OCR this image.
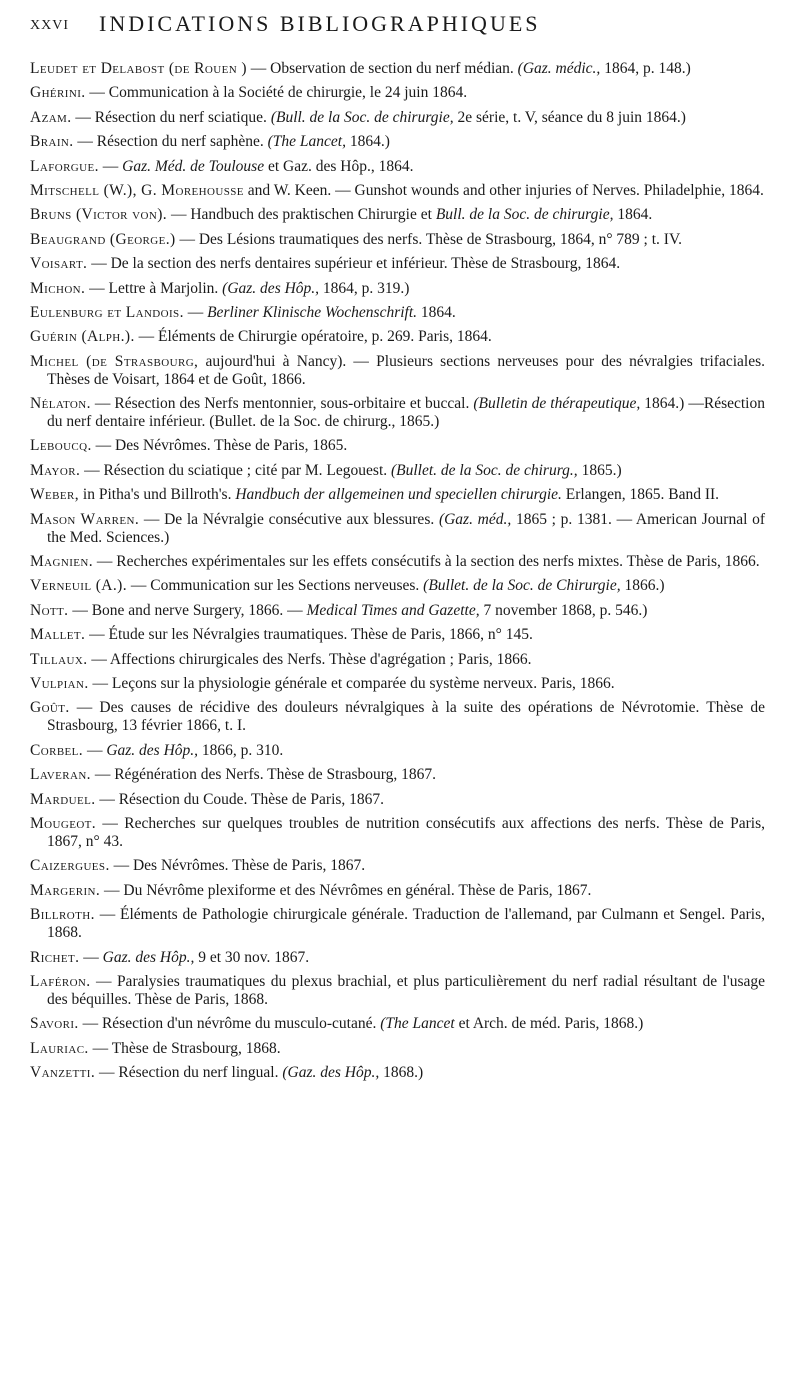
XXVI INDICATIONS BIBLIOGRAPHIQUES

Leudet et Delabost (de Rouen ) — Observation de section du nerf médian. (Gaz. médic., 1864, p. 148.)

Ghérini. — Communication à la Société de chirurgie, le 24 juin 1864.

Azam. — Résection du nerf sciatique. (Bull. de la Soc. de chirurgie, 2e série, t. V, séance du 8 juin 1864.)

Brain. — Résection du nerf saphène. (The Lancet, 1864.)

Laforgue. — Gaz. Méd. de Toulouse et Gaz. des Hôp., 1864.

Mitschell (W.), G. Morehousse and W. Keen. — Gunshot wounds and other injuries of Nerves. Philadelphie, 1864.

Bruns (Victor von). — Handbuch des praktischen Chirurgie et Bull. de la Soc. de chirurgie, 1864.

Beaugrand (George.) — Des Lésions traumatiques des nerfs. Thèse de Strasbourg, 1864, n° 789 ; t. IV.

Voisart. — De la section des nerfs dentaires supérieur et inférieur. Thèse de Strasbourg, 1864.

Michon. — Lettre à Marjolin. (Gaz. des Hôp., 1864, p. 319.)

Eulenburg et Landois. — Berliner Klinische Wochenschrift. 1864.

Guérin (Alph.). — Éléments de Chirurgie opératoire, p. 269. Paris, 1864.

Michel (de Strasbourg, aujourd'hui à Nancy). — Plusieurs sections nerveuses pour des névralgies trifaciales. Thèses de Voisart, 1864 et de Goût, 1866.

Nélaton. — Résection des Nerfs mentonnier, sous-orbitaire et buccal. (Bulletin de thérapeutique, 1864.) —Résection du nerf dentaire inférieur. (Bullet. de la Soc. de chirurg., 1865.)

Leboucq. — Des Névrômes. Thèse de Paris, 1865.

Mayor. — Résection du sciatique ; cité par M. Legouest. (Bullet. de la Soc. de chirurg., 1865.)

Weber, in Pitha's und Billroth's. Handbuch der allgemeinen und speciellen chirurgie. Erlangen, 1865. Band II.

Mason Warren. — De la Névralgie consécutive aux blessures. (Gaz. méd., 1865 ; p. 1381. — American Journal of the Med. Sciences.)

Magnien. — Recherches expérimentales sur les effets consécutifs à la section des nerfs mixtes. Thèse de Paris, 1866.

Verneuil (A.). — Communication sur les Sections nerveuses. (Bullet. de la Soc. de Chirurgie, 1866.)

Nott. — Bone and nerve Surgery, 1866. — Medical Times and Gazette, 7 november 1868, p. 546.)

Mallet. — Étude sur les Névralgies traumatiques. Thèse de Paris, 1866, n° 145.

Tillaux. — Affections chirurgicales des Nerfs. Thèse d'agrégation ; Paris, 1866.

Vulpian. — Leçons sur la physiologie générale et comparée du système nerveux. Paris, 1866.

Goût. — Des causes de récidive des douleurs névralgiques à la suite des opérations de Névrotomie. Thèse de Strasbourg, 13 février 1866, t. I.

Corbel. — Gaz. des Hôp., 1866, p. 310.

Laveran. — Régénération des Nerfs. Thèse de Strasbourg, 1867.

Marduel. — Résection du Coude. Thèse de Paris, 1867.

Mougeot. — Recherches sur quelques troubles de nutrition consécutifs aux affections des nerfs. Thèse de Paris, 1867, n° 43.

Caizergues. — Des Névrômes. Thèse de Paris, 1867.

Margerin. — Du Névrôme plexiforme et des Névrômes en général. Thèse de Paris, 1867.

Billroth. — Éléments de Pathologie chirurgicale générale. Traduction de l'allemand, par Culmann et Sengel. Paris, 1868.

Richet. — Gaz. des Hôp., 9 et 30 nov. 1867.

Laféron. — Paralysies traumatiques du plexus brachial, et plus particulièrement du nerf radial résultant de l'usage des béquilles. Thèse de Paris, 1868.

Savori. — Résection d'un névrôme du musculo-cutané. (The Lancet et Arch. de méd. Paris, 1868.)

Lauriac. — Thèse de Strasbourg, 1868.

Vanzetti. — Résection du nerf lingual. (Gaz. des Hôp., 1868.)
